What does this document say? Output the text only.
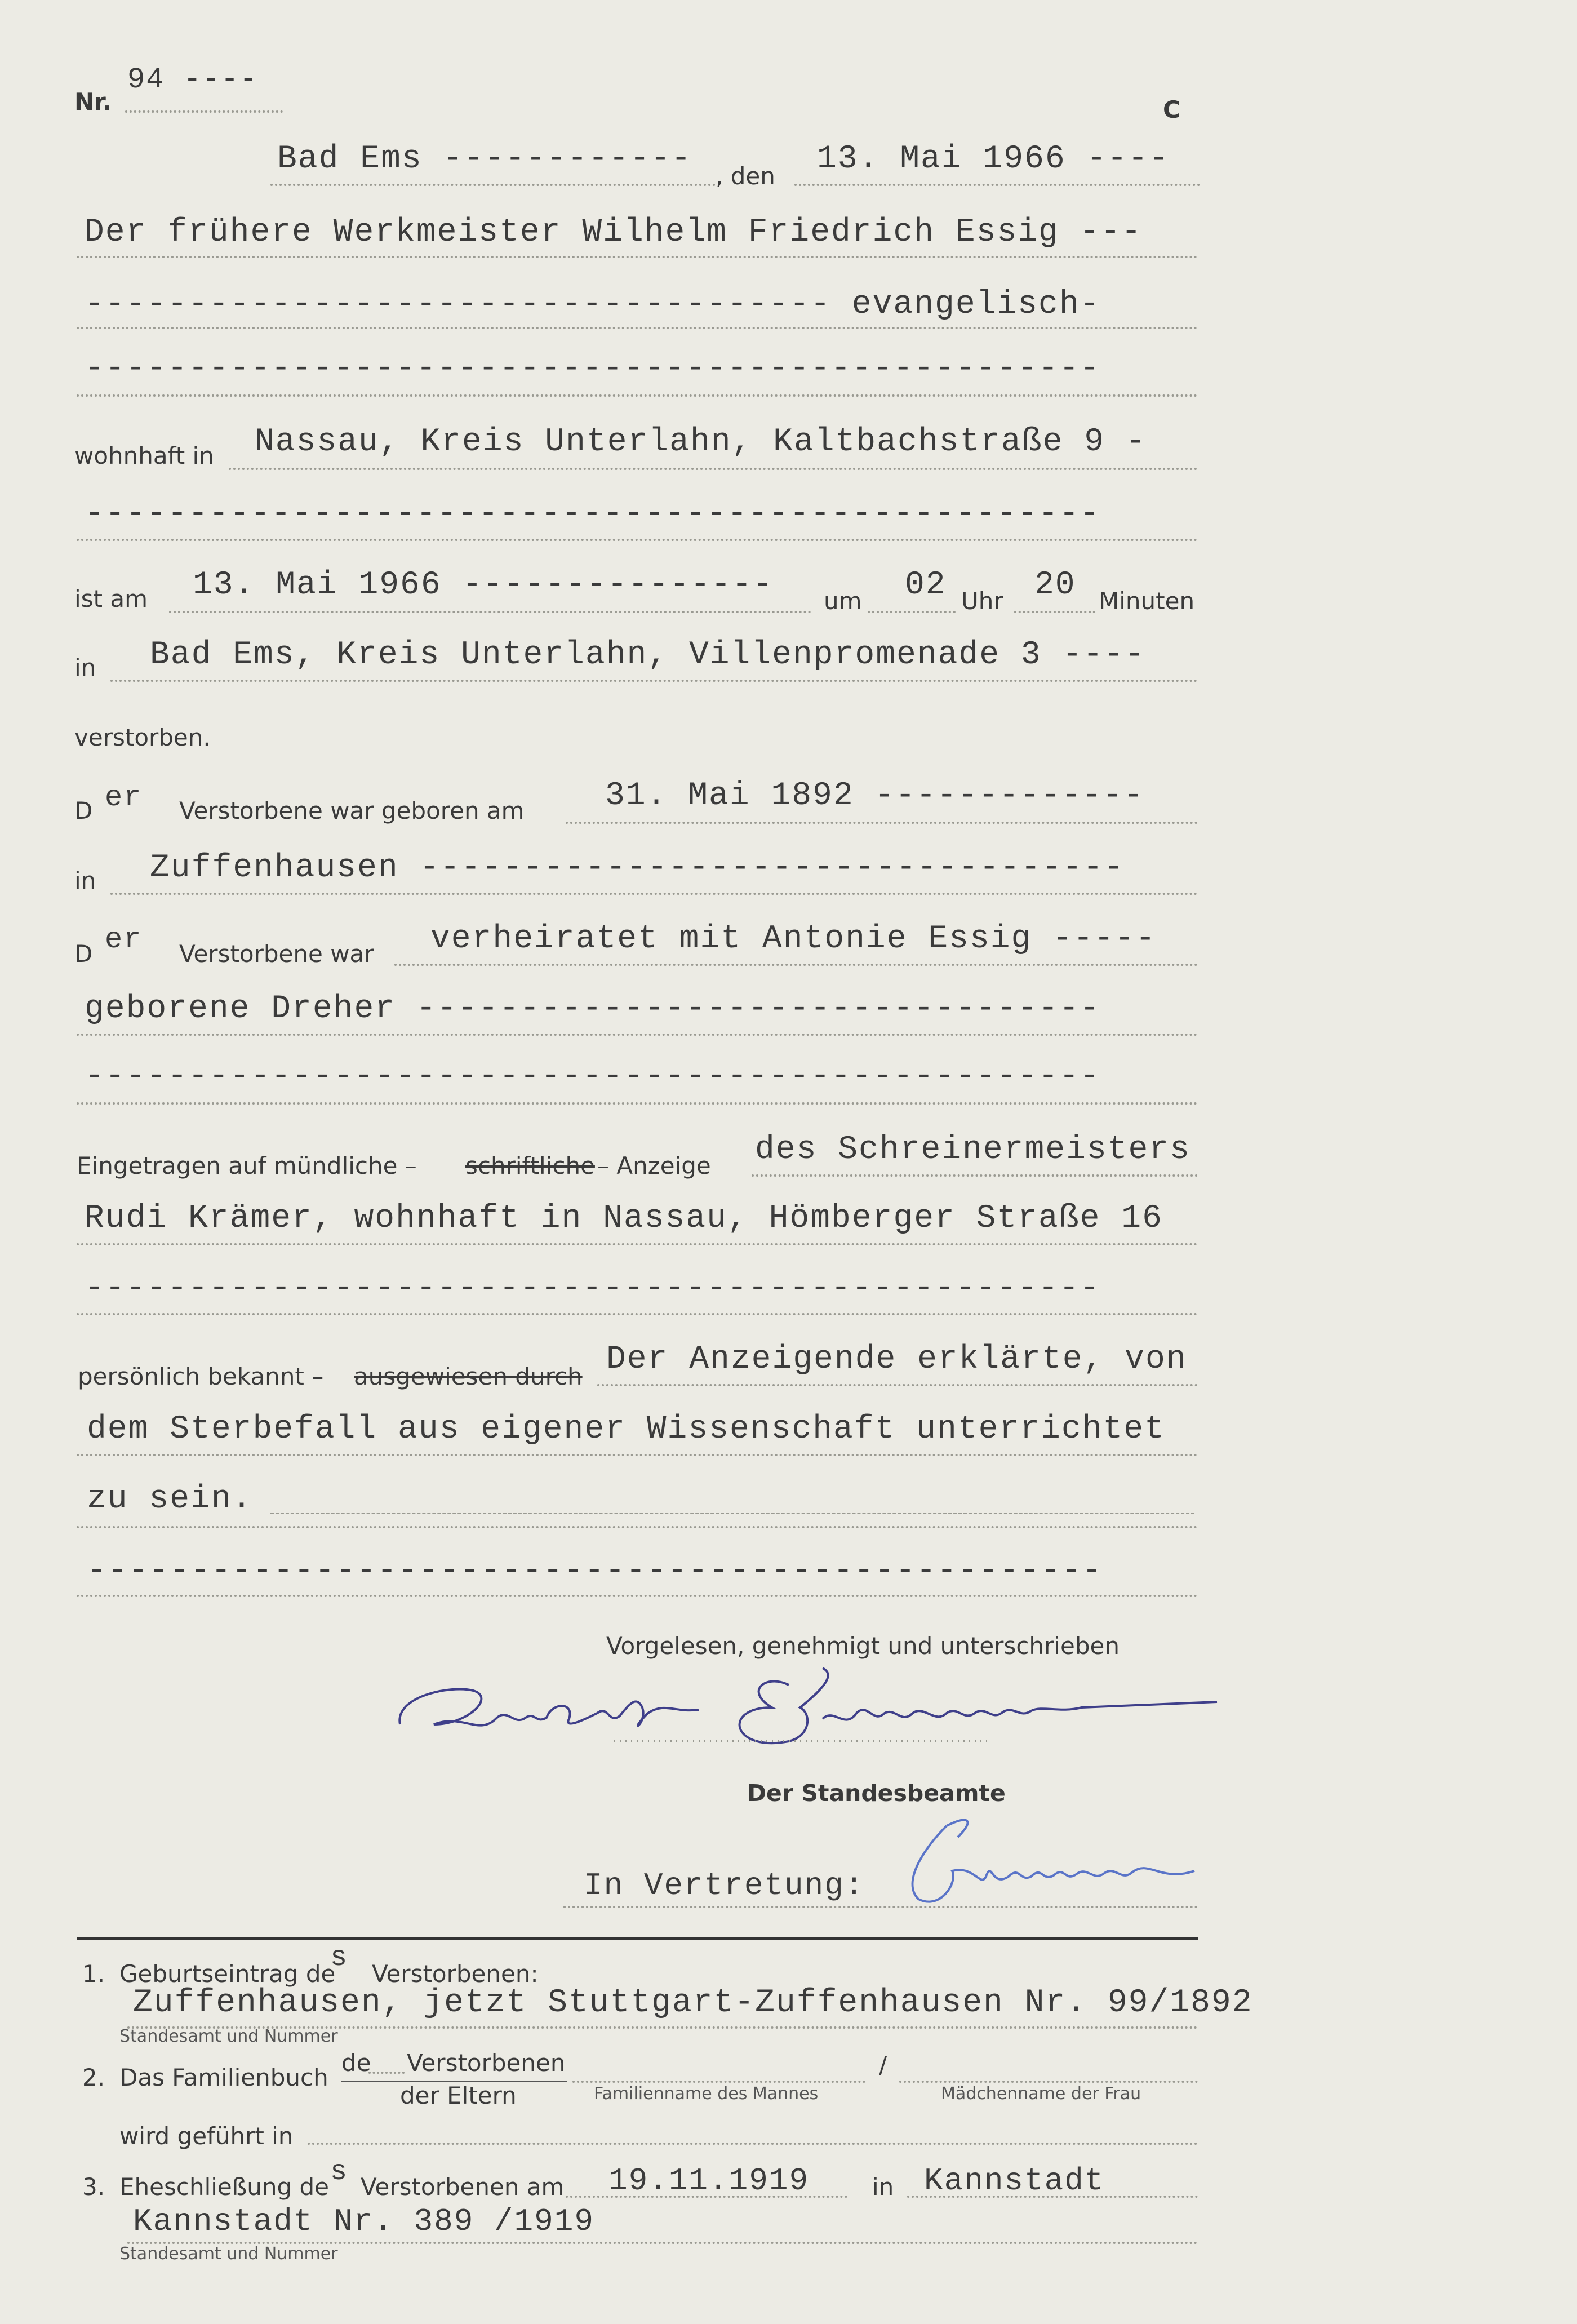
Nr.
94 ----
C
Bad Ems ------------ , den 13. Mai 1966 ----
Der frühere Werkmeister Wilhelm Friedrich Essig ---
------------------------------------ evangelisch-
-------------------------------------------------
wohnhaft in Nassau, Kreis Unterlahn, Kaltbachstraße 9 -
-------------------------------------------------
ist am 13. Mai 1966 --------------- um 02 Uhr 20 Minuten
in Bad Ems, Kreis Unterlahn, Villenpromenade 3 ----
verstorben.
D er Verstorbene war geboren am 31. Mai 1892 -------------
in Zuffenhausen ----------------------------------
D er Verstorbene war verheiratet mit Antonie Essig -----
geborene Dreher ---------------------------------
-------------------------------------------------
Eingetragen auf mündliche – schriftliche – Anzeige des Schreinermeisters
Rudi Krämer, wohnhaft in Nassau, Hömberger Straße 16
-------------------------------------------------
persönlich bekannt – ausgewiesen durch Der Anzeigende erklärte, von
dem Sterbefall aus eigener Wissenschaft unterrichtet
zu sein.
-------------------------------------------------
Vorgelesen, genehmigt und unterschrieben
Der Standesbeamte
In Vertretung:
1. Geburtseintrag de
s Verstorbenen:
Zuffenhausen, jetzt Stuttgart-Zuffenhausen Nr. 99/1892
Standesamt und Nummer
2. Das Familienbuch
de Verstorbenen
der Eltern
/
Familienname des Mannes	Mädchenname der Frau
wird geführt in
3. Eheschließung de s Verstorbenen am 19.11.1919	in Kannstadt
Kannstadt Nr. 389 /1919
Standesamt und Nummer
